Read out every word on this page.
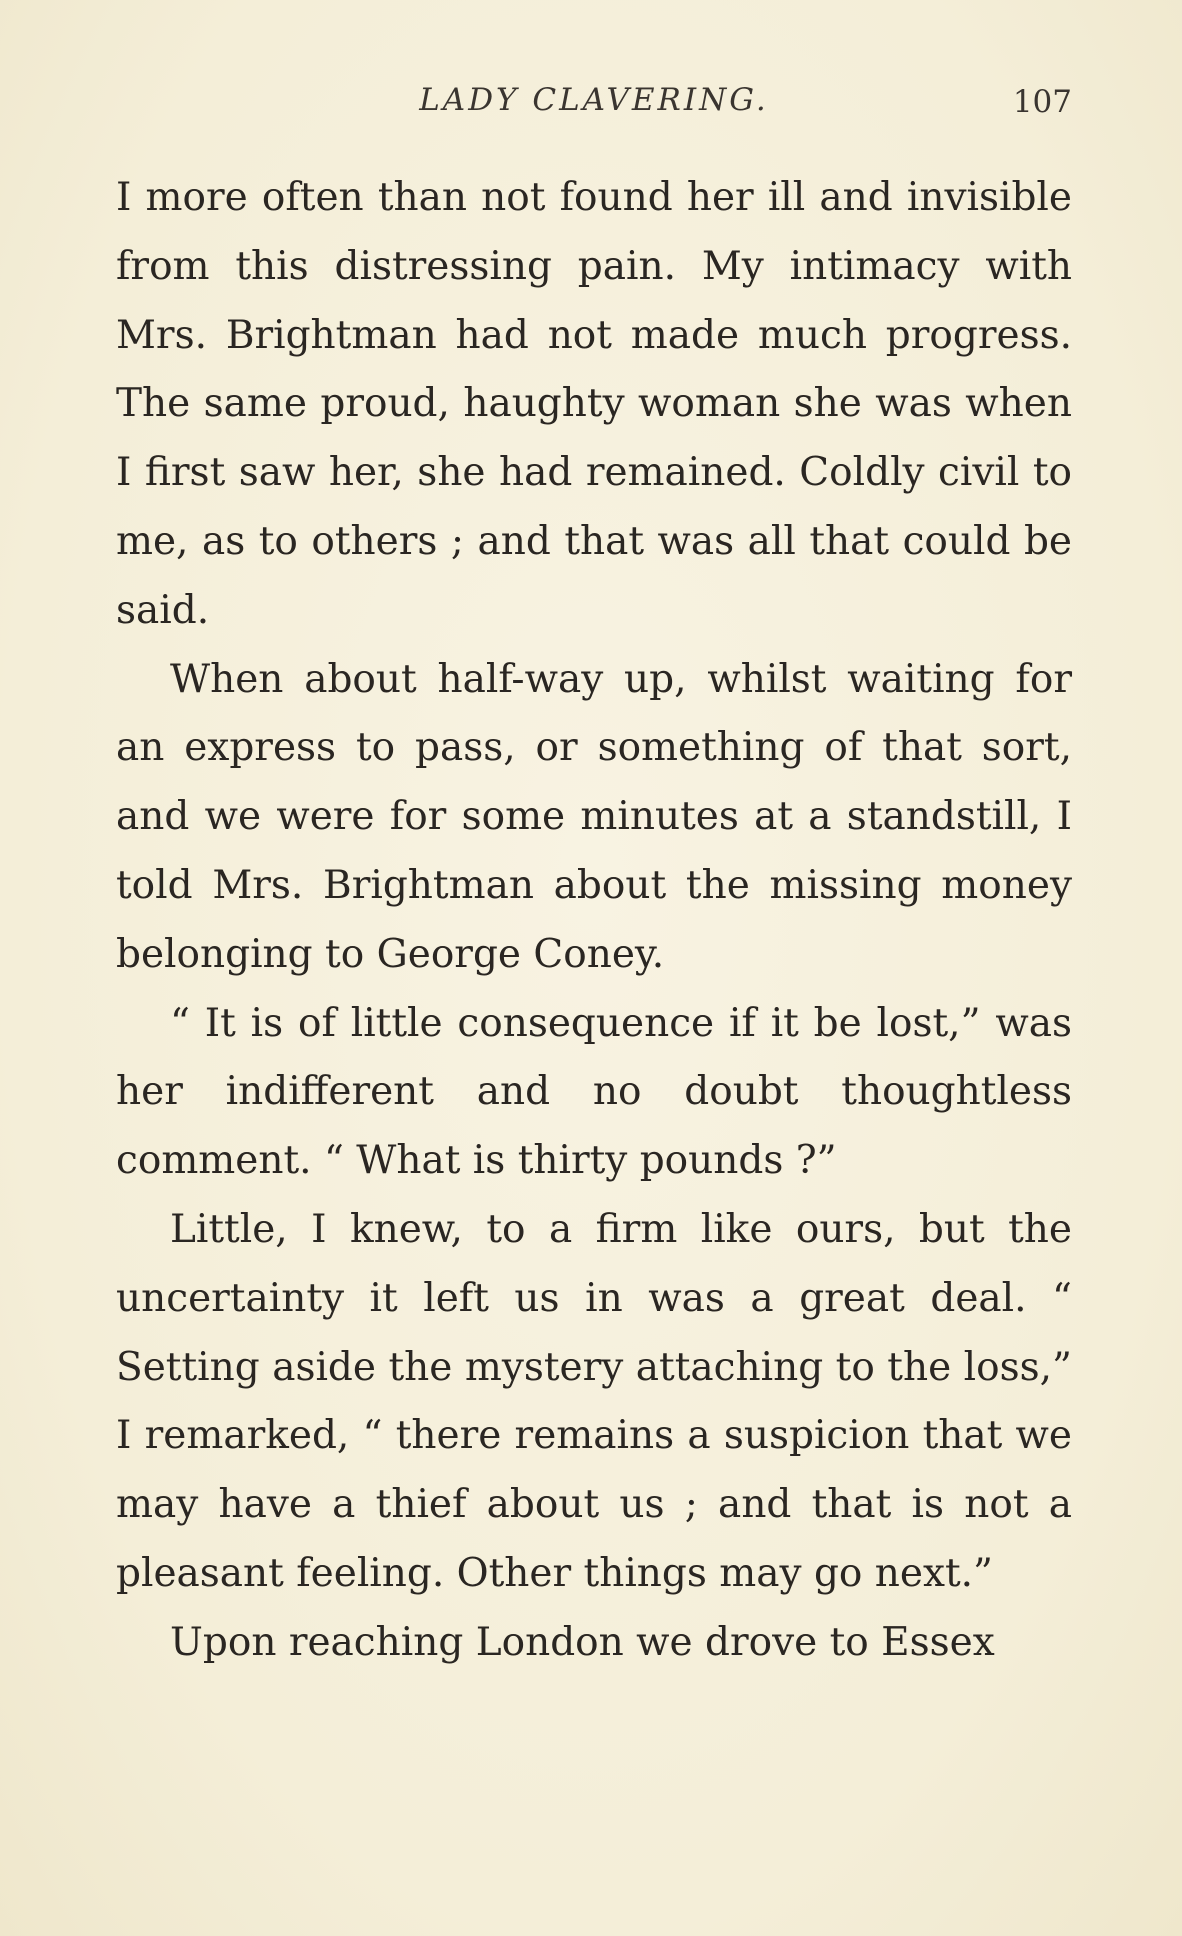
LADY CLAVERING.	107

I more often than not found her ill and invisible from this distressing pain. My intimacy with Mrs. Brightman had not made much progress. The same proud, haughty woman she was when I first saw her, she had remained. Coldly civil to me, as to others ; and that was all that could be said.

When about half-way up, whilst waiting for an express to pass, or something of that sort, and we were for some minutes at a standstill, I told Mrs. Brightman about the missing money belonging to George Coney.

“ It is of little consequence if it be lost,” was her indifferent and no doubt thoughtless comment. “ What is thirty pounds ?”

Little, I knew, to a firm like ours, but the uncertainty it left us in was a great deal. “ Setting aside the mystery attaching to the loss,” I remarked, “ there remains a suspicion that we may have a thief about us ; and that is not a pleasant feeling. Other things may go next.”

Upon reaching London we drove to Essex
